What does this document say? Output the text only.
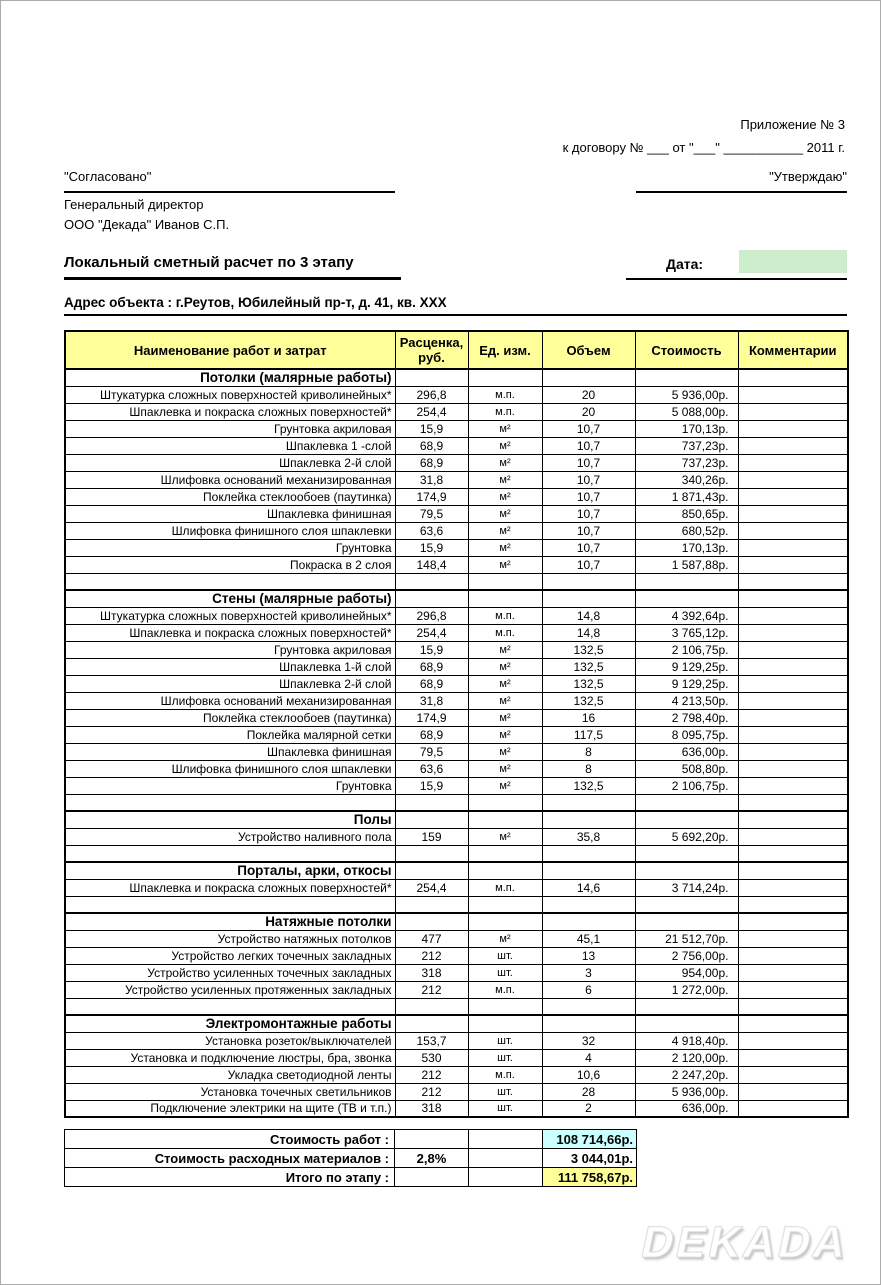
Приложение № 3
к договору № ___ от "___" ___________ 2011 г.
"Согласовано"	"Утверждаю"
Генеральный директор
ООО "Декада" Иванов С.П.
Локальный сметный расчет по 3 этапу	Дата:
Адрес объекта : г.Реутов, Юбилейный пр-т, д. 41, кв. XXX
Наименование работ и затрат	Расценка, руб.	Ед. изм.	Объем	Стоимость	Комментарии
Потолки (малярные работы)					
Штукатурка сложных поверхностей криволинейных*	296,8	м.п.	20	5 936,00р.	
Шпаклевка и покраска сложных поверхностей*	254,4	м.п.	20	5 088,00р.	
Грунтовка акриловая	15,9	м²	10,7	170,13р.	
Шпаклевка 1 -слой	68,9	м²	10,7	737,23р.	
Шпаклевка 2-й слой	68,9	м²	10,7	737,23р.	
Шлифовка оснований механизированная	31,8	м²	10,7	340,26р.	
Поклейка стеклообоев (паутинка)	174,9	м²	10,7	1 871,43р.	
Шпаклевка финишная	79,5	м²	10,7	850,65р.	
Шлифовка финишного слоя шпаклевки	63,6	м²	10,7	680,52р.	
Грунтовка	15,9	м²	10,7	170,13р.	
Покраска в 2 слоя	148,4	м²	10,7	1 587,88р.	

Стены (малярные работы)					
Штукатурка сложных поверхностей криволинейных*	296,8	м.п.	14,8	4 392,64р.	
Шпаклевка и покраска сложных поверхностей*	254,4	м.п.	14,8	3 765,12р.	
Грунтовка акриловая	15,9	м²	132,5	2 106,75р.	
Шпаклевка 1-й слой	68,9	м²	132,5	9 129,25р.	
Шпаклевка 2-й слой	68,9	м²	132,5	9 129,25р.	
Шлифовка оснований механизированная	31,8	м²	132,5	4 213,50р.	
Поклейка стеклообоев (паутинка)	174,9	м²	16	2 798,40р.	
Поклейка малярной сетки	68,9	м²	117,5	8 095,75р.	
Шпаклевка финишная	79,5	м²	8	636,00р.	
Шлифовка финишного слоя шпаклевки	63,6	м²	8	508,80р.	
Грунтовка	15,9	м²	132,5	2 106,75р.	

Полы					
Устройство наливного пола	159	м²	35,8	5 692,20р.	

Порталы, арки, откосы					
Шпаклевка и покраска сложных поверхностей*	254,4	м.п.	14,6	3 714,24р.	

Натяжные потолки					
Устройство натяжных потолков	477	м²	45,1	21 512,70р.	
Устройство легких точечных закладных	212	шт.	13	2 756,00р.	
Устройство усиленных точечных закладных	318	шт.	3	954,00р.	
Устройство усиленных протяженных закладных	212	м.п.	6	1 272,00р.	

Электромонтажные работы					
Установка розеток/выключателей	153,7	шт.	32	4 918,40р.	
Установка и подключение люстры, бра, звонка	530	шт.	4	2 120,00р.	
Укладка светодиодной ленты	212	м.п.	10,6	2 247,20р.	
Установка точечных светильников	212	шт.	28	5 936,00р.	
Подключение электрики на щите (ТВ и т.п.)	318	шт.	2	636,00р.	
Стоимость работ :			108 714,66р.
Стоимость расходных материалов :	2,8%		3 044,01р.
Итого по этапу :			111 758,67р.
DEKADA
